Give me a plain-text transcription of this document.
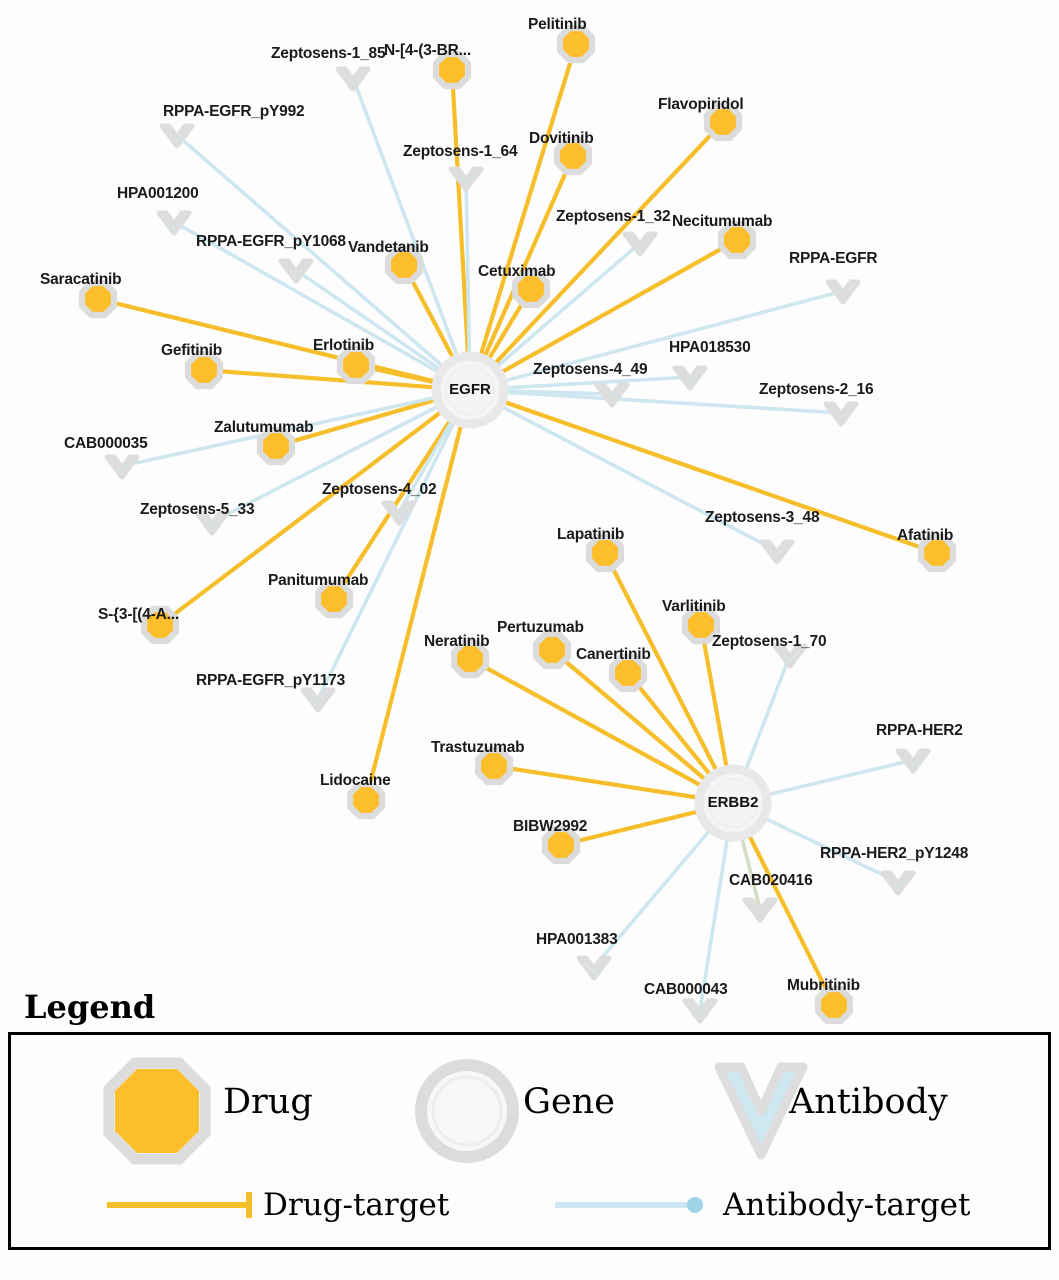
Pelitinib
N-[4-(3-BR...
Flavopiridol
Dovitinib
Necitumumab
Vandetanib
Cetuximab
Saracatinib
Erlotinib
Gefitinib
Zalutumumab
Afatinib
Lapatinib
Panitumumab
S-{3-[(4-A...	Varlitinib
Pertuzumab
Canertinib
Neratinib
Trastuzumab
Lidocaine
BIBW2992
Mubritinib
Zeptosens-1_85
RPPA-EGFR_pY992
Zeptosens-1_64
HPA001200
Zeptosens-1_32
RPPA-EGFR_pY1068
RPPA-EGFR
HPA018530
Zeptosens-4_49
Zeptosens-2_16
CAB000035
Zeptosens-4_02
Zeptosens-5_33	Zeptosens-3_48
Zeptosens-1_70
RPPA-EGFR_pY1173
RPPA-HER2
RPPA-HER2_pY1248
CAB020416
HPA001383
CAB000043
EGFR
ERBB2
Legend
Drug	Gene	Antibody
Drug-target	Antibody-target
